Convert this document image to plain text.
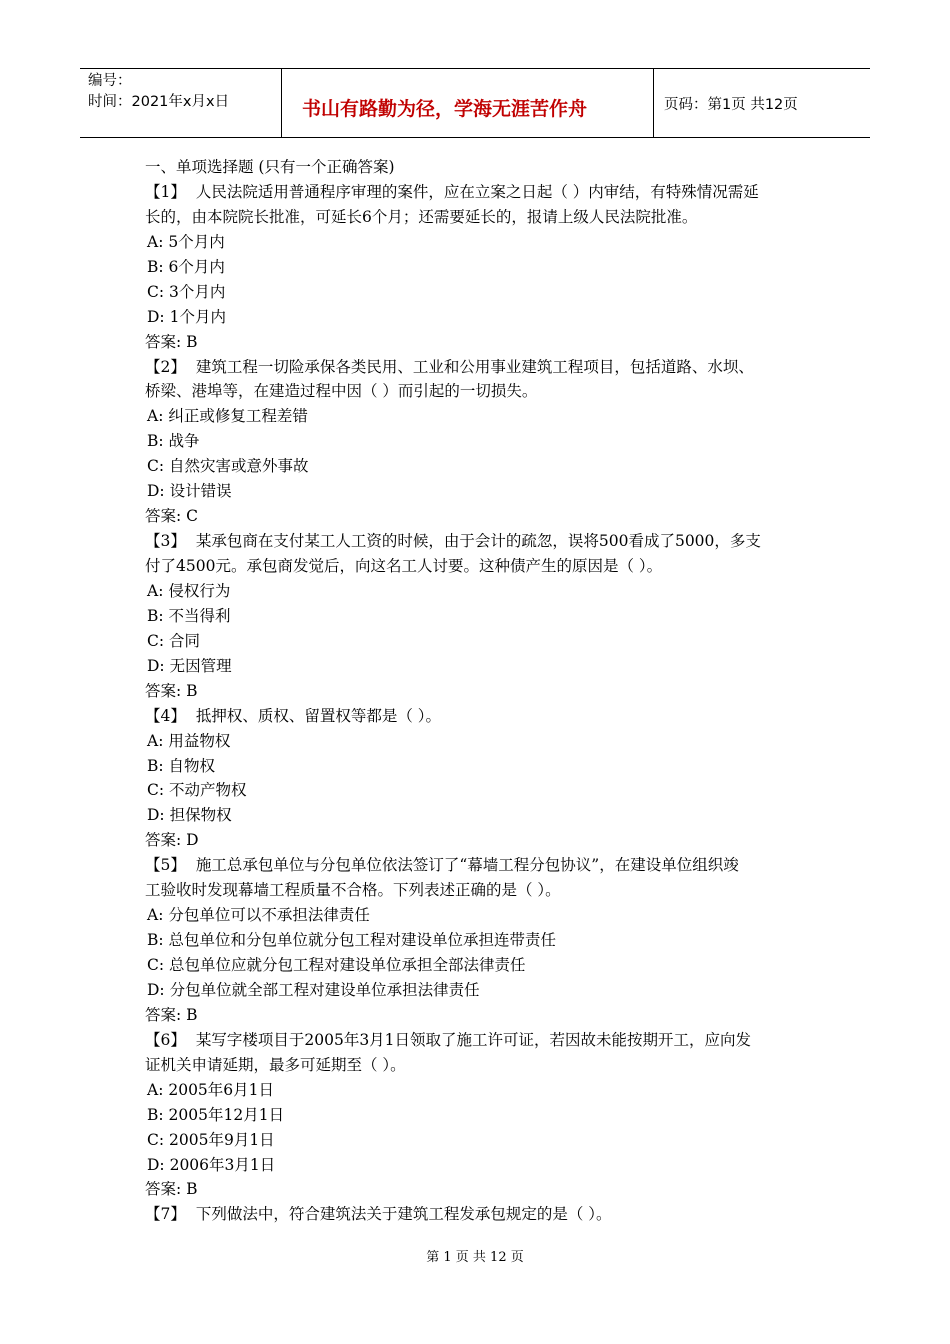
编号：
时间：2021年x月x日	书山有路勤为径，学海无涯苦作舟	页码：第1页 共12页
一、单项选择题 (只有一个正确答案)
【1】 人民法院适用普通程序审理的案件，应在立案之日起（ ）内审结，有特殊情况需延
长的，由本院院长批准，可延长6个月；还需要延长的，报请上级人民法院批准。
A: 5个月内
B: 6个月内
C: 3个月内
D: 1个月内
答案: B
【2】 建筑工程一切险承保各类民用、工业和公用事业建筑工程项目，包括道路、水坝、
桥梁、港埠等，在建造过程中因（ ）而引起的一切损失。
A: 纠正或修复工程差错
B: 战争
C: 自然灾害或意外事故
D: 设计错误
答案: C
【3】 某承包商在支付某工人工资的时候，由于会计的疏忽，误将500看成了5000，多支
付了4500元。承包商发觉后，向这名工人讨要。这种债产生的原因是（ ）。
A: 侵权行为
B: 不当得利
C: 合同
D: 无因管理
答案: B
【4】 抵押权、质权、留置权等都是（ ）。
A: 用益物权
B: 自物权
C: 不动产物权
D: 担保物权
答案: D
【5】 施工总承包单位与分包单位依法签订了“幕墙工程分包协议”，在建设单位组织竣
工验收时发现幕墙工程质量不合格。下列表述正确的是（ ）。
A: 分包单位可以不承担法律责任
B: 总包单位和分包单位就分包工程对建设单位承担连带责任
C: 总包单位应就分包工程对建设单位承担全部法律责任
D: 分包单位就全部工程对建设单位承担法律责任
答案: B
【6】 某写字楼项目于2005年3月1日领取了施工许可证，若因故未能按期开工，应向发
证机关申请延期，最多可延期至（ ）。
A: 2005年6月1日
B: 2005年12月1日
C: 2005年9月1日
D: 2006年3月1日
答案: B
【7】 下列做法中，符合建筑法关于建筑工程发承包规定的是（ ）。
第 1 页 共 12 页
